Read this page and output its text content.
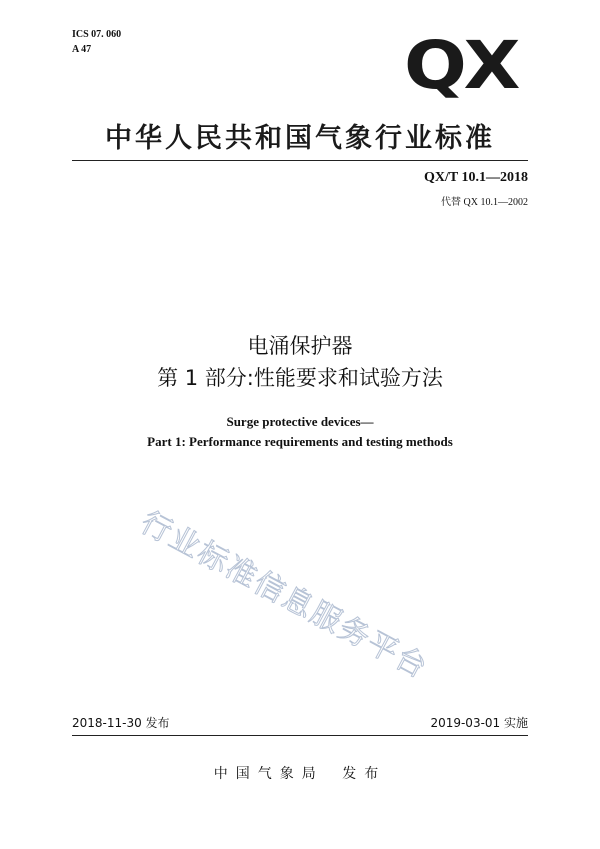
ICS 07. 060
A 47	QX
中华人民共和国气象行业标准
QX/T 10.1—2018
代替 QX 10.1—2002
电涌保护器
第 1 部分:性能要求和试验方法
Surge protective devices—
Part 1: Performance requirements and testing methods
行业标准信息服务平台
2018-11-30 发布	2019-03-01 实施
中国气象局 发布
